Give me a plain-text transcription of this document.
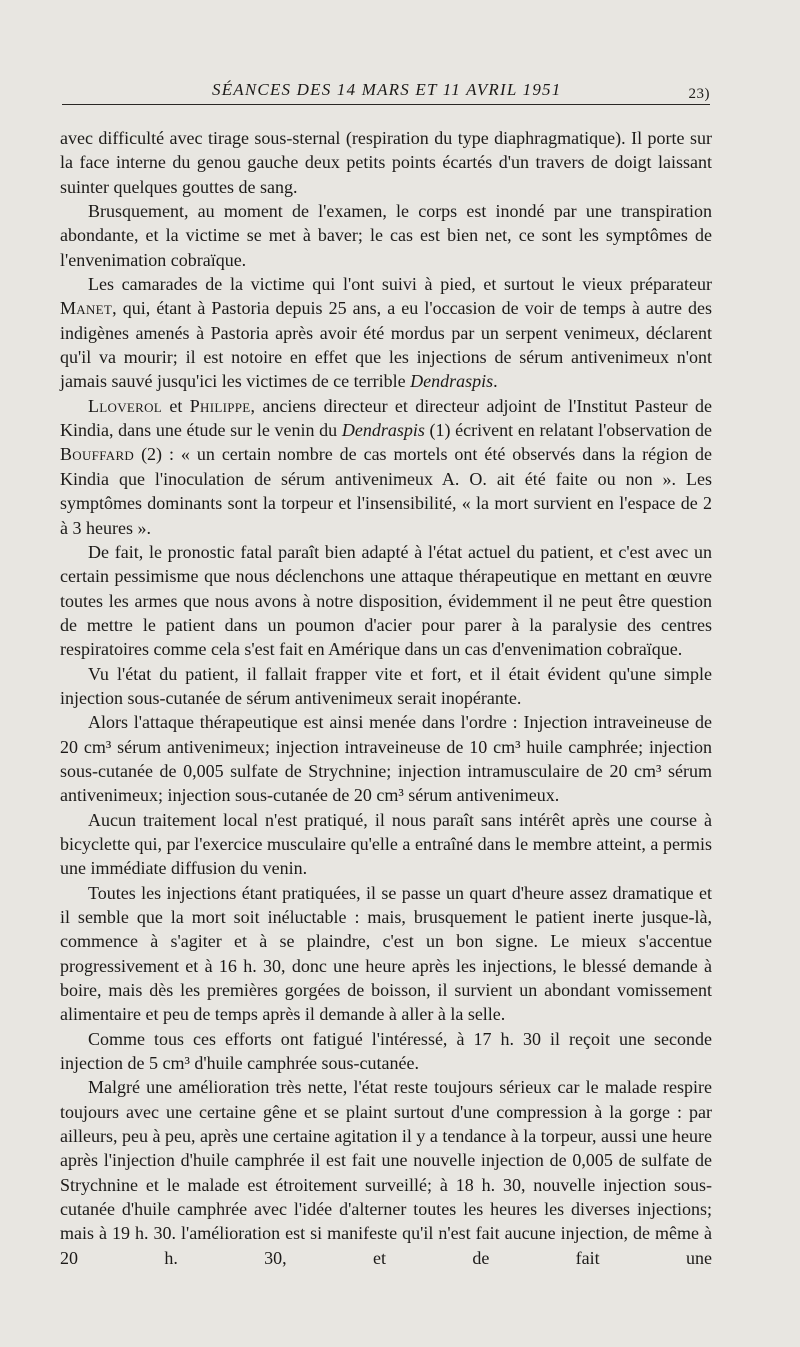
SÉANCES DES 14 MARS ET 11 AVRIL 1951	23)

avec difficulté avec tirage sous-sternal (respiration du type diaphragmatique). Il porte sur la face interne du genou gauche deux petits points écartés d'un travers de doigt laissant suinter quelques gouttes de sang.

Brusquement, au moment de l'examen, le corps est inondé par une transpiration abondante, et la victime se met à baver; le cas est bien net, ce sont les symptômes de l'envenimation cobraïque.

Les camarades de la victime qui l'ont suivi à pied, et surtout le vieux préparateur Manet, qui, étant à Pastoria depuis 25 ans, a eu l'occasion de voir de temps à autre des indigènes amenés à Pastoria après avoir été mordus par un serpent venimeux, déclarent qu'il va mourir; il est notoire en effet que les injections de sérum antivenimeux n'ont jamais sauvé jusqu'ici les victimes de ce terrible Dendraspis.

Lloverol et Philippe, anciens directeur et directeur adjoint de l'Institut Pasteur de Kindia, dans une étude sur le venin du Dendraspis (1) écrivent en relatant l'observation de Bouffard (2) : « un certain nombre de cas mortels ont été observés dans la région de Kindia que l'inoculation de sérum antivenimeux A. O. ait été faite ou non ». Les symptômes dominants sont la torpeur et l'insensibilité, « la mort survient en l'espace de 2 à 3 heures ».

De fait, le pronostic fatal paraît bien adapté à l'état actuel du patient, et c'est avec un certain pessimisme que nous déclenchons une attaque thérapeutique en mettant en œuvre toutes les armes que nous avons à notre disposition, évidemment il ne peut être question de mettre le patient dans un poumon d'acier pour parer à la paralysie des centres respiratoires comme cela s'est fait en Amérique dans un cas d'envenimation cobraïque.

Vu l'état du patient, il fallait frapper vite et fort, et il était évident qu'une simple injection sous-cutanée de sérum antivenimeux serait inopérante.

Alors l'attaque thérapeutique est ainsi menée dans l'ordre : Injection intraveineuse de 20 cm³ sérum antivenimeux; injection intraveineuse de 10 cm³ huile camphrée; injection sous-cutanée de 0,005 sulfate de Strychnine; injection intramusculaire de 20 cm³ sérum antivenimeux; injection sous-cutanée de 20 cm³ sérum antivenimeux.

Aucun traitement local n'est pratiqué, il nous paraît sans intérêt après une course à bicyclette qui, par l'exercice musculaire qu'elle a entraîné dans le membre atteint, a permis une immédiate diffusion du venin.

Toutes les injections étant pratiquées, il se passe un quart d'heure assez dramatique et il semble que la mort soit inéluctable : mais, brusquement le patient inerte jusque-là, commence à s'agiter et à se plaindre, c'est un bon signe. Le mieux s'accentue progressivement et à 16 h. 30, donc une heure après les injections, le blessé demande à boire, mais dès les premières gorgées de boisson, il survient un abondant vomissement alimentaire et peu de temps après il demande à aller à la selle.

Comme tous ces efforts ont fatigué l'intéressé, à 17 h. 30 il reçoit une seconde injection de 5 cm³ d'huile camphrée sous-cutanée.

Malgré une amélioration très nette, l'état reste toujours sérieux car le malade respire toujours avec une certaine gêne et se plaint surtout d'une compression à la gorge : par ailleurs, peu à peu, après une certaine agitation il y a tendance à la torpeur, aussi une heure après l'injection d'huile camphrée il est fait une nouvelle injection de 0,005 de sulfate de Strychnine et le malade est étroitement surveillé; à 18 h. 30, nouvelle injection sous-cutanée d'huile camphrée avec l'idée d'alterner toutes les heures les diverses injections; mais à 19 h. 30. l'amélioration est si manifeste qu'il n'est fait aucune injection, de même à 20 h. 30, et de fait une
